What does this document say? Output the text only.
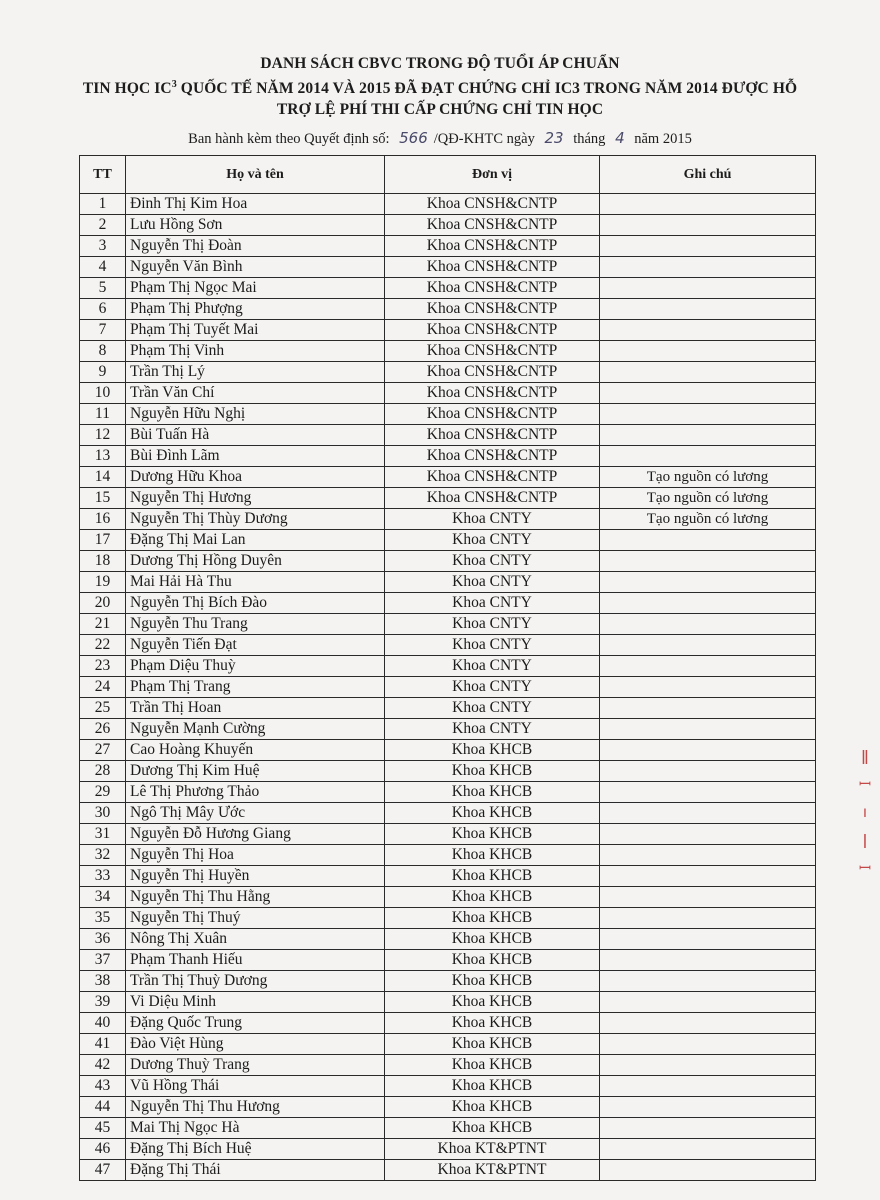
DANH SÁCH CBVC TRONG ĐỘ TUỔI ÁP CHUẨN
TIN HỌC $IC^3$ QUỐC TẾ NĂM 2014 VÀ 2015 ĐÃ ĐẠT CHỨNG CHỈ IC3 TRONG NĂM 2014 ĐƯỢC HỖ
TRỢ LỆ PHÍ THI CẤP CHỨNG CHỈ TIN HỌC
Ban hành kèm theo Quyết định số: 566 /QĐ-KHTC ngày 23 tháng 4 năm 2015
TT	Họ và tên	Đơn vị	Ghi chú
1	Đinh Thị Kim Hoa	Khoa CNSH&CNTP	
2	Lưu Hồng Sơn	Khoa CNSH&CNTP	
3	Nguyễn Thị Đoàn	Khoa CNSH&CNTP	
4	Nguyễn Văn Bình	Khoa CNSH&CNTP	
5	Phạm Thị Ngọc Mai	Khoa CNSH&CNTP	
6	Phạm Thị Phượng	Khoa CNSH&CNTP	
7	Phạm Thị Tuyết Mai	Khoa CNSH&CNTP	
8	Phạm Thị Vinh	Khoa CNSH&CNTP	
9	Trần Thị Lý	Khoa CNSH&CNTP	
10	Trần Văn Chí	Khoa CNSH&CNTP	
11	Nguyễn Hữu Nghị	Khoa CNSH&CNTP	
12	Bùi Tuấn Hà	Khoa CNSH&CNTP	
13	Bùi Đình Lãm	Khoa CNSH&CNTP	
14	Dương Hữu Khoa	Khoa CNSH&CNTP	Tạo nguồn có lương
15	Nguyễn Thị Hương	Khoa CNSH&CNTP	Tạo nguồn có lương
16	Nguyễn Thị Thùy Dương	Khoa CNTY	Tạo nguồn có lương
17	Đặng Thị Mai Lan	Khoa CNTY	
18	Dương Thị Hồng Duyên	Khoa CNTY	
19	Mai Hải Hà Thu	Khoa CNTY	
20	Nguyễn Thị Bích Đào	Khoa CNTY	
21	Nguyễn Thu Trang	Khoa CNTY	
22	Nguyễn Tiến Đạt	Khoa CNTY	
23	Phạm Diệu Thuỳ	Khoa CNTY	
24	Phạm Thị Trang	Khoa CNTY	
25	Trần Thị Hoan	Khoa CNTY	
26	Nguyễn Mạnh Cường	Khoa CNTY	
27	Cao Hoàng Khuyến	Khoa KHCB	
28	Dương Thị Kim Huệ	Khoa KHCB	
29	Lê Thị Phương Thảo	Khoa KHCB	
30	Ngô Thị Mây Ước	Khoa KHCB	
31	Nguyễn Đỗ Hương Giang	Khoa KHCB	
32	Nguyễn Thị Hoa	Khoa KHCB	
33	Nguyễn Thị Huyền	Khoa KHCB	
34	Nguyễn Thị Thu Hằng	Khoa KHCB	
35	Nguyễn Thị Thuý	Khoa KHCB	
36	Nông Thị Xuân	Khoa KHCB	
37	Phạm Thanh Hiếu	Khoa KHCB	
38	Trần Thị Thuỳ Dương	Khoa KHCB	
39	Vi Diệu Minh	Khoa KHCB	
40	Đặng Quốc Trung	Khoa KHCB	
41	Đào Việt Hùng	Khoa KHCB	
42	Dương Thuỳ Trang	Khoa KHCB	
43	Vũ Hồng Thái	Khoa KHCB	
44	Nguyễn Thị Thu Hương	Khoa KHCB	
45	Mai Thị Ngọc Hà	Khoa KHCB	
46	Đặng Thị Bích Huệ	Khoa KT&PTNT	
47	Đặng Thị Thái	Khoa KT&PTNT	
ǁ
ꟷ
ı
ǀ
ꟷ
